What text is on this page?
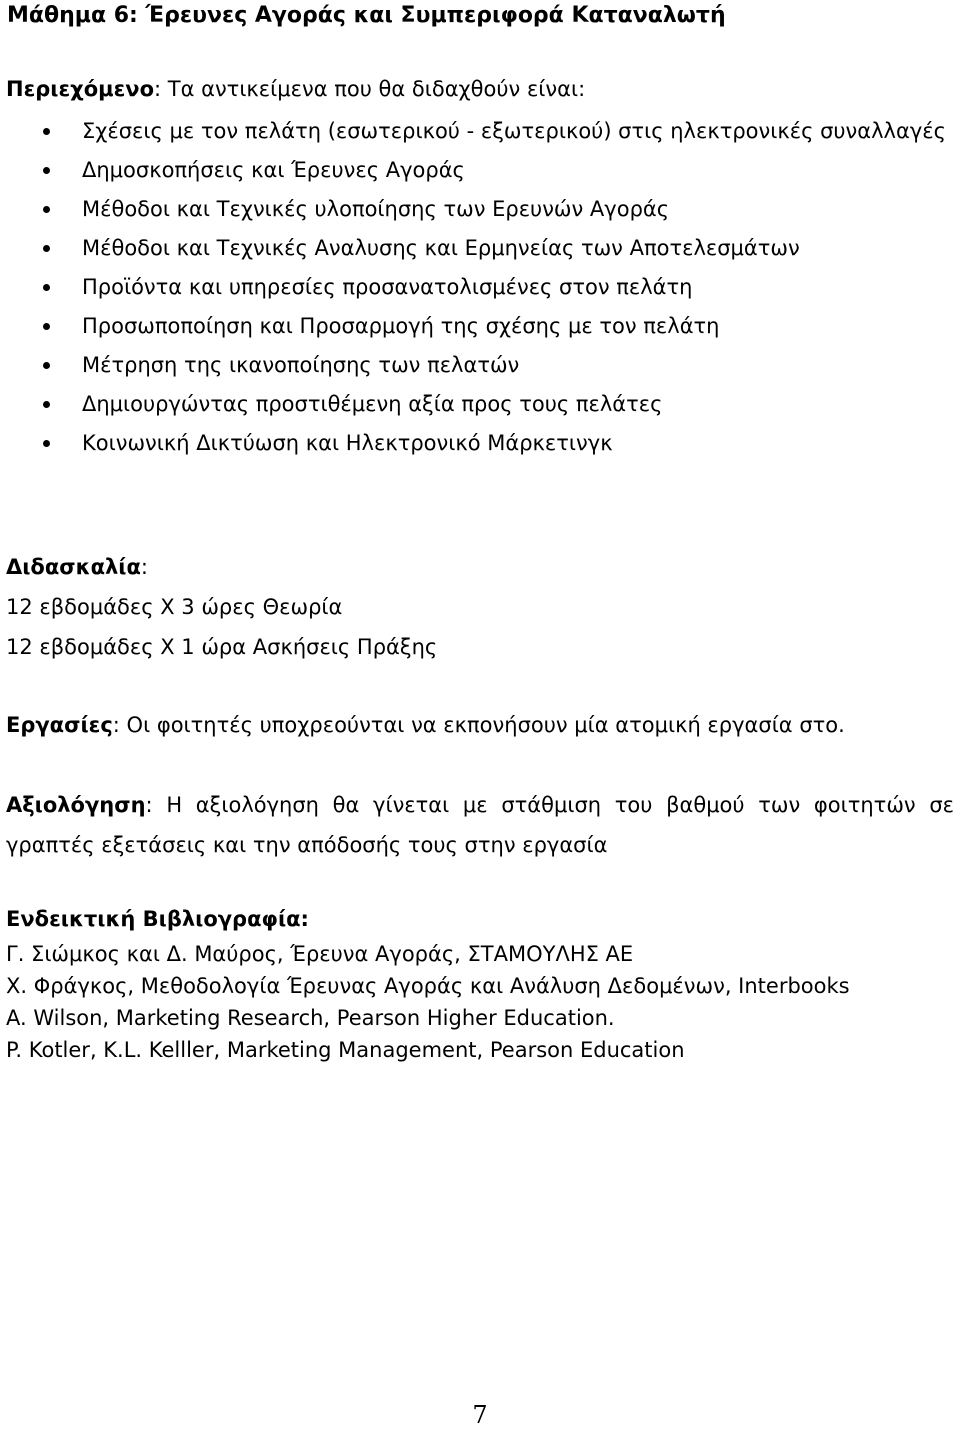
Μάθημα 6: Έρευνες Αγοράς και Συμπεριφορά Καταναλωτή
Περιεχόμενο: Τα αντικείμενα που θα διδαχθούν είναι:
Σχέσεις με τον πελάτη (εσωτερικού - εξωτερικού) στις ηλεκτρονικές συναλλαγές
Δημοσκοπήσεις και Έρευνες Αγοράς
Μέθοδοι και Τεχνικές υλοποίησης των Ερευνών Αγοράς
Μέθοδοι και Τεχνικές Αναλυσης και Ερμηνείας των Αποτελεσμάτων
Προϊόντα και υπηρεσίες προσανατολισμένες στον πελάτη
Προσωποποίηση και Προσαρμογή της σχέσης με τον πελάτη
Μέτρηση της ικανοποίησης των πελατών
Δημιουργώντας προστιθέμενη αξία προς τους πελάτες
Κοινωνική Δικτύωση και Ηλεκτρονικό Μάρκετινγκ
Διδασκαλία:
12 εβδομάδες Χ 3 ώρες Θεωρία
12 εβδομάδες Χ 1 ώρα Ασκήσεις Πράξης
Εργασίες: Οι φοιτητές υποχρεούνται να εκπονήσουν μία ατομική εργασία στο.
Αξιολόγηση: Η αξιολόγηση θα γίνεται με στάθμιση του βαθμού των φοιτητών σε γραπτές εξετάσεις και την απόδοσής τους στην εργασία
Ενδεικτική Βιβλιογραφία:
Γ. Σιώμκος και Δ. Μαύρος, Έρευνα Αγοράς, ΣΤΑΜΟΥΛΗΣ ΑΕ
Χ. Φράγκος, Μεθοδολογία Έρευνας Αγοράς και Ανάλυση Δεδομένων, Interbooks
A. Wilson, Marketing Research, Pearson Higher Education.
P. Kotler, K.L. Kelller, Marketing Management, Pearson Education
7
